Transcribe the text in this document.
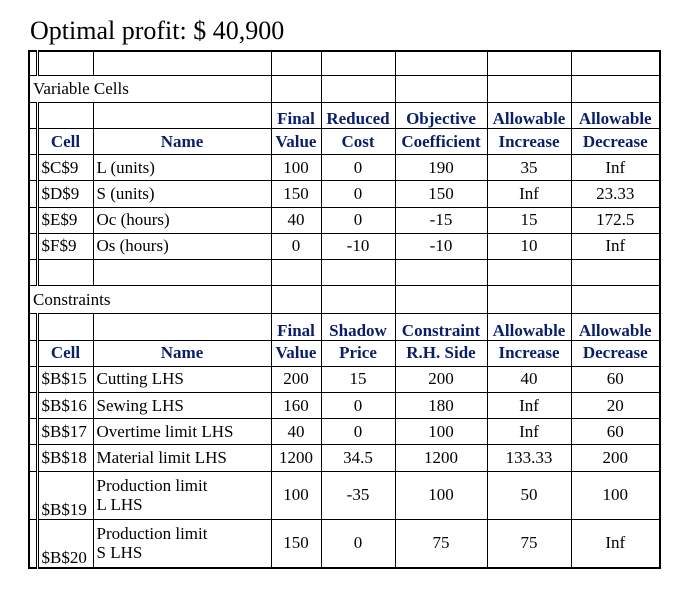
Optimal profit: $ 40,900

Variable Cells							
			Final	Reduced	Objective	Allowable	Allowable
	Cell	Name	Value	Cost	Coefficient	Increase	Decrease
	$C$9	L (units)	100	0	190	35	Inf
	$D$9	S (units)	150	0	150	Inf	23.33
	$E$9	Oc (hours)	40	0	-15	15	172.5
	$F$9	Os (hours)	0	-10	-10	10	Inf

Constraints							
			Final	Shadow	Constraint	Allowable	Allowable
	Cell	Name	Value	Price	R.H. Side	Increase	Decrease
	$B$15	Cutting LHS	200	15	200	40	60
	$B$16	Sewing LHS	160	0	180	Inf	20
	$B$17	Overtime limit LHS	40	0	100	Inf	60
	$B$18	Material limit LHS	1200	34.5	1200	133.33	200
	$B$19	Production limit L LHS	100	-35	100	50	100
	$B$20	Production limit S LHS	150	0	75	75	Inf
